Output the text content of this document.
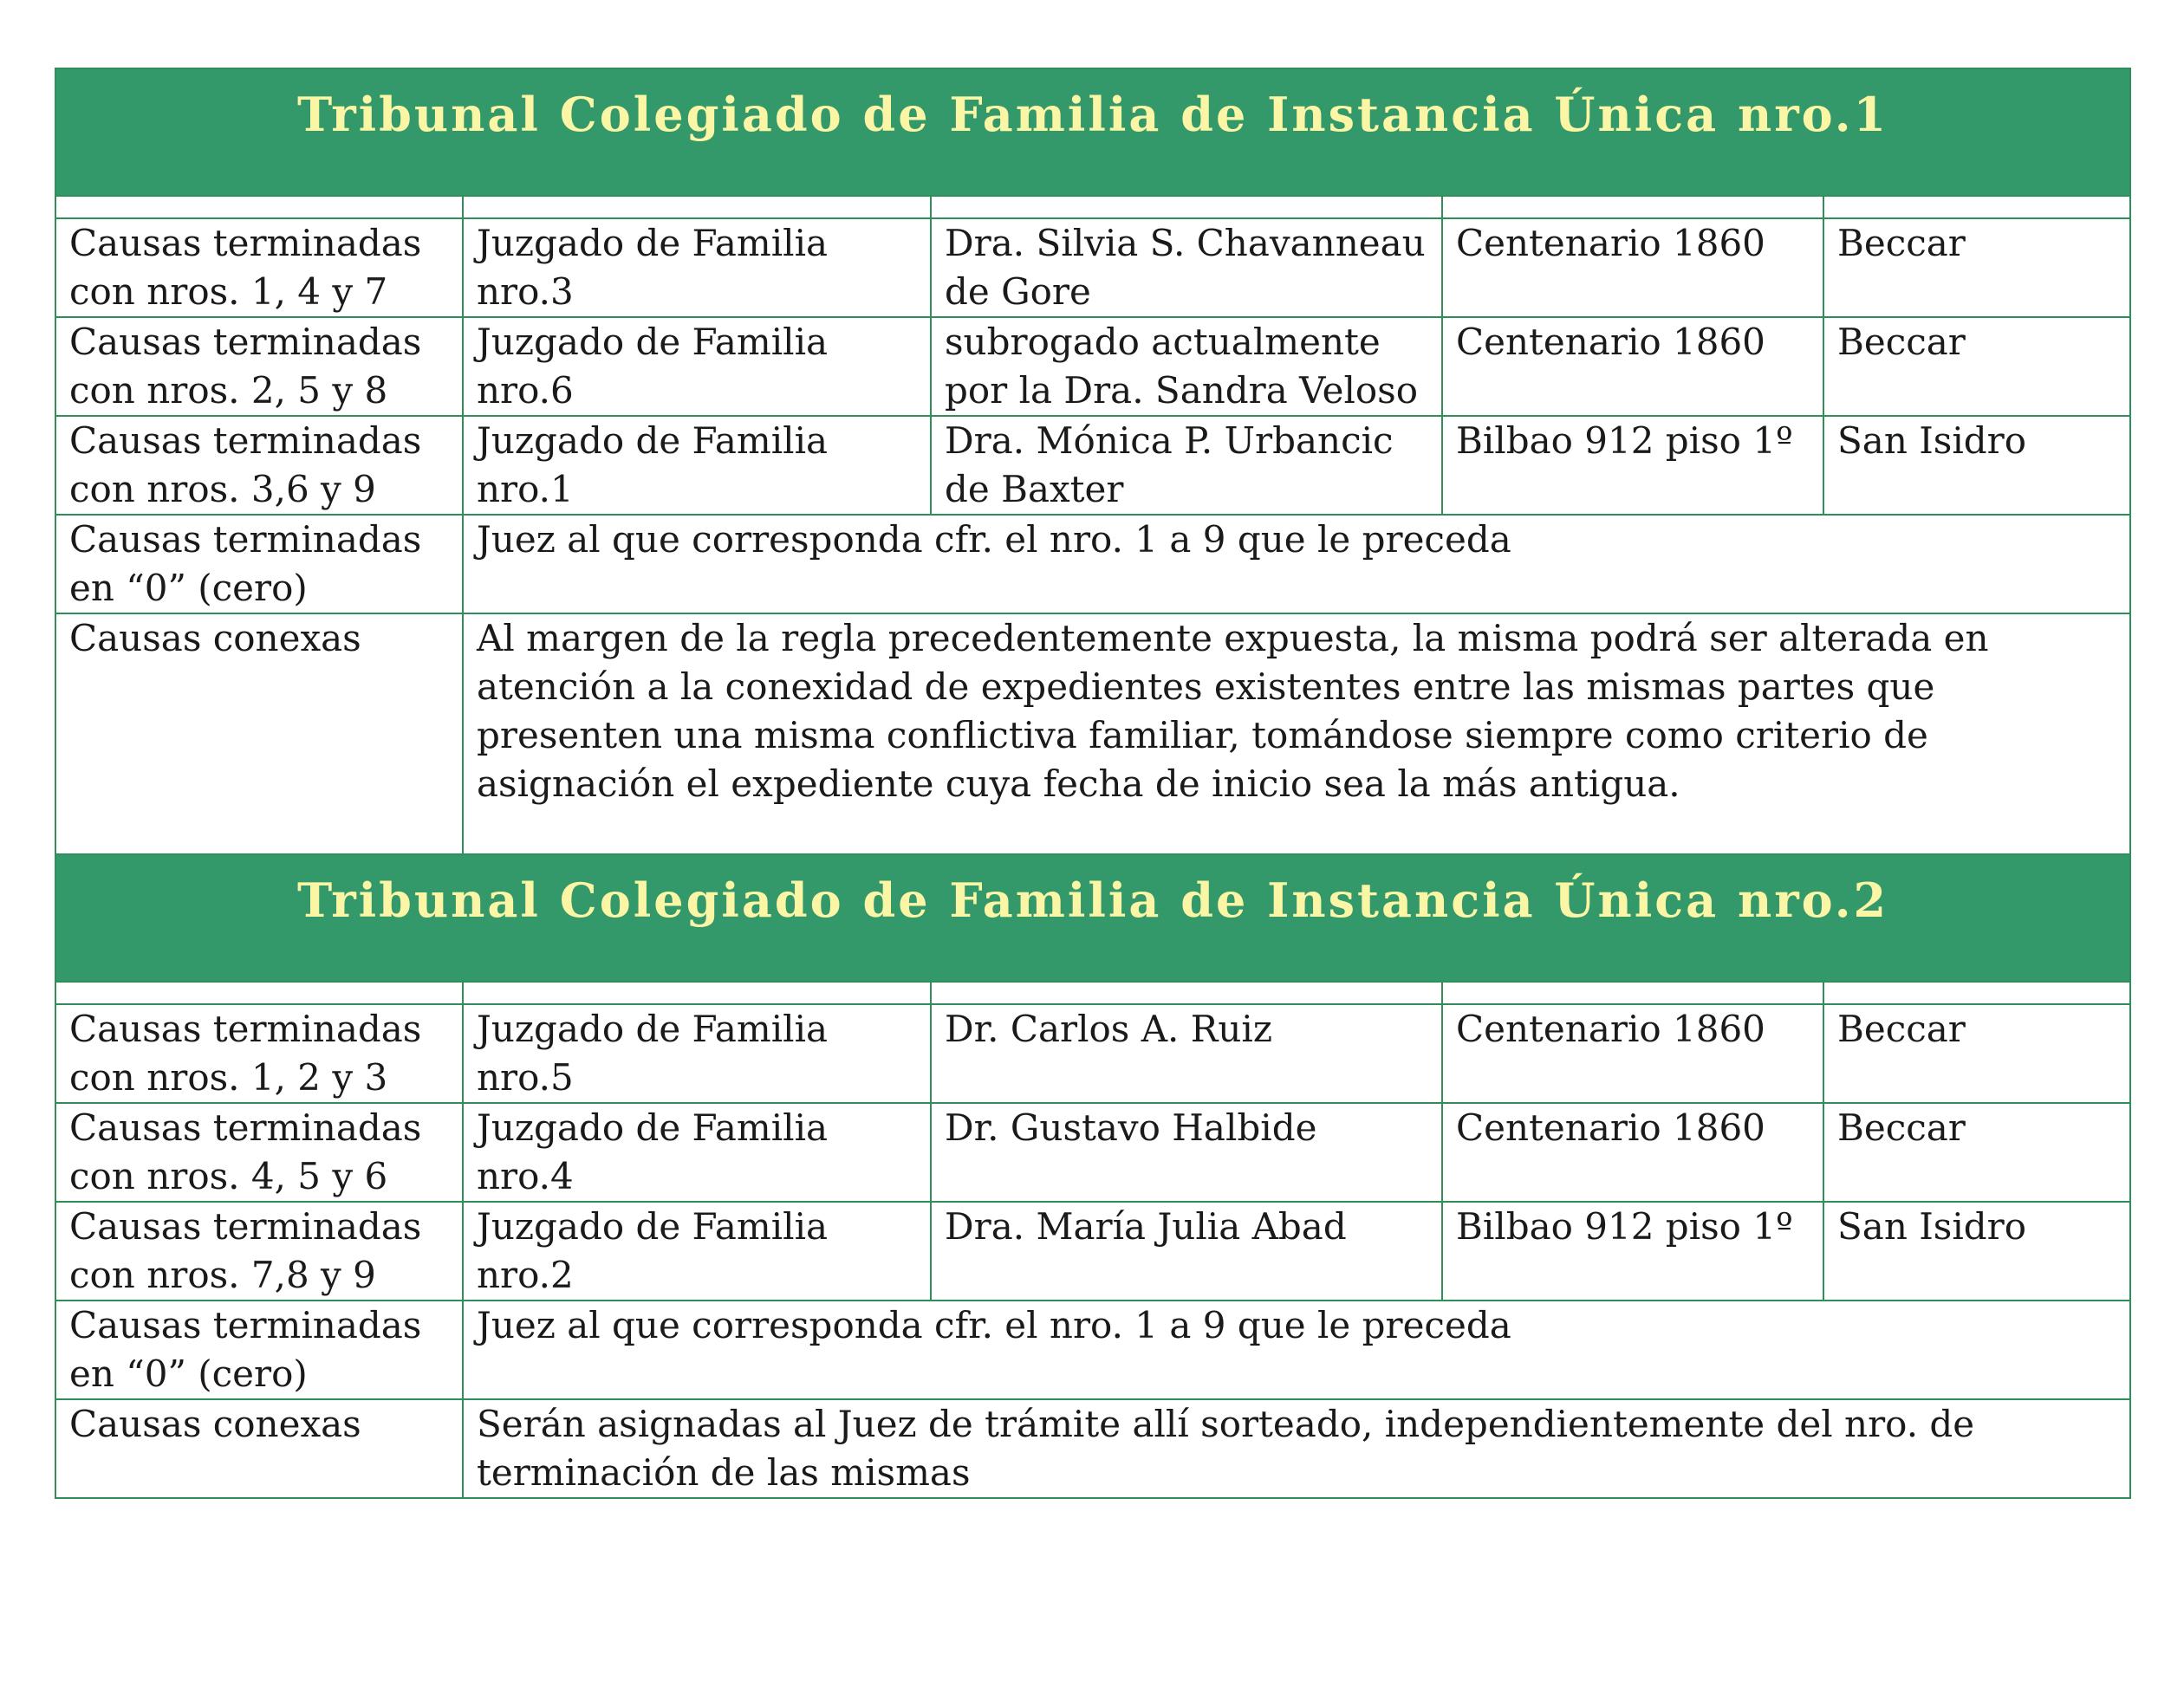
Tribunal Colegiado de Familia de Instancia Única nro.1				

Causas terminadas con nros. 1, 4 y 7	Juzgado de Familia nro.3	Dra. Silvia S. Chavanneau de Gore	Centenario 1860	Beccar
Causas terminadas con nros. 2, 5 y 8	Juzgado de Familia nro.6	subrogado actualmente por la Dra. Sandra Veloso	Centenario 1860	Beccar
Causas terminadas con nros. 3,6 y 9	Juzgado de Familia nro.1	Dra. Mónica P. Urbancic de Baxter	Bilbao 912 piso 1º	San Isidro
Causas terminadas en “0” (cero)	Juez al que corresponda cfr. el nro. 1 a 9 que le preceda			
Causas conexas	Al margen de la regla precedentemente expuesta, la misma podrá ser alterada en atención a la conexidad de expedientes existentes entre las mismas partes que presenten una misma conflictiva familiar, tomándose siempre como criterio de asignación el expediente cuya fecha de inicio sea la más antigua.			

Tribunal Colegiado de Familia de Instancia Única nro.2				

Causas terminadas con nros. 1, 2 y 3	Juzgado de Familia nro.5	Dr. Carlos A. Ruiz	Centenario 1860	Beccar
Causas terminadas con nros. 4, 5 y 6	Juzgado de Familia nro.4	Dr. Gustavo Halbide	Centenario 1860	Beccar
Causas terminadas con nros. 7,8 y 9	Juzgado de Familia nro.2	Dra. María Julia Abad	Bilbao 912 piso 1º	San Isidro
Causas terminadas en “0” (cero)	Juez al que corresponda cfr. el nro. 1 a 9 que le preceda			
Causas conexas	Serán asignadas al Juez de trámite allí sorteado, independientemente del nro. de terminación de las mismas			
